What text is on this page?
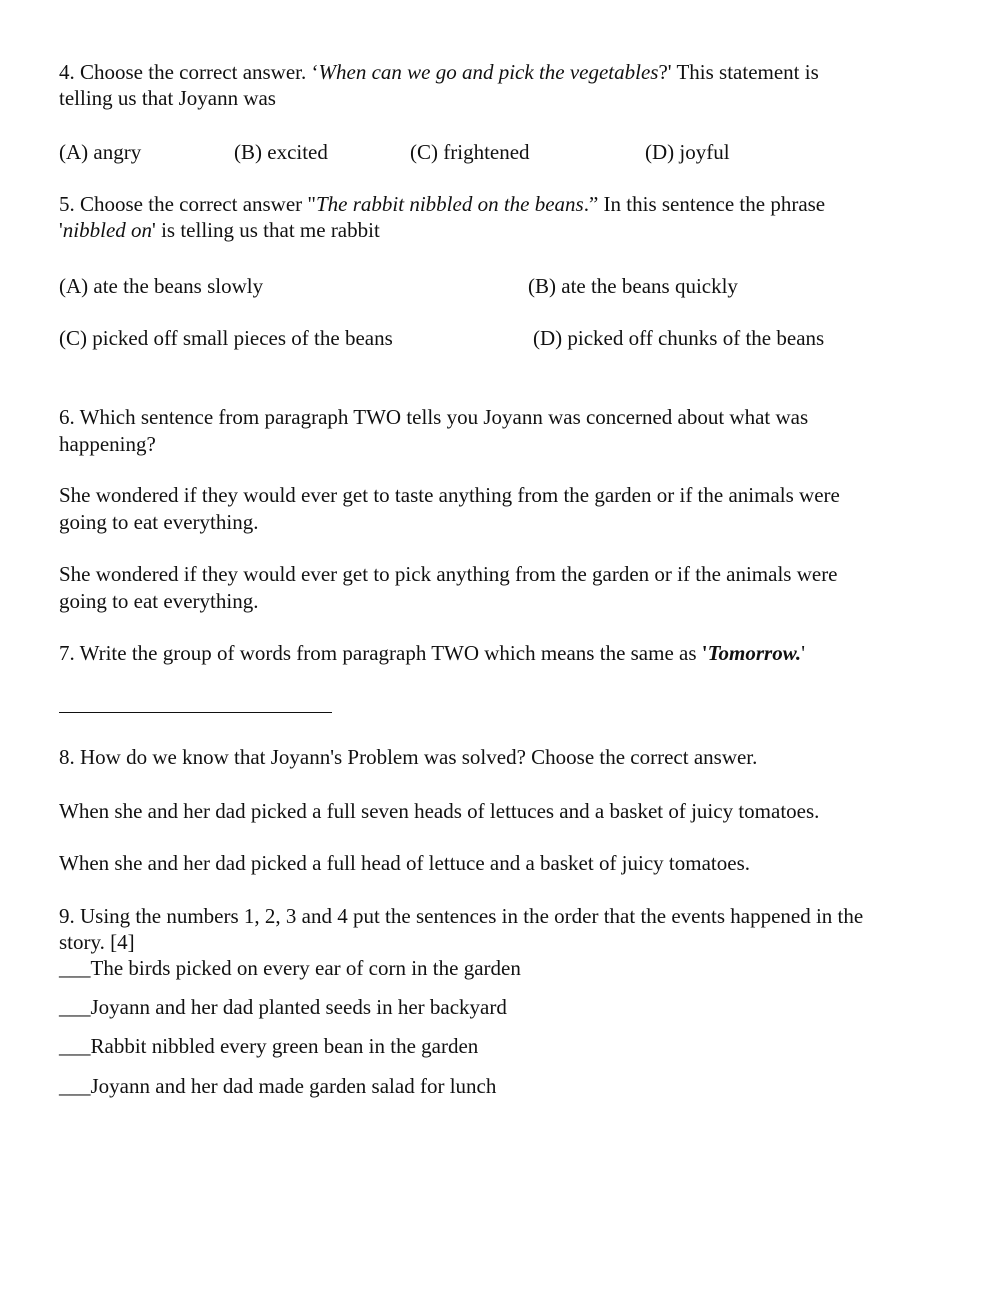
4. Choose the correct answer. ‘When can we go and pick the vegetables?' This statement is
telling us that Joyann was
(A) angry	(B) excited	(C) frightened	(D) joyful
5. Choose the correct answer "The rabbit nibbled on the beans.” In this sentence the phrase
'nibbled on' is telling us that me rabbit
(A) ate the beans slowly	(B) ate the beans quickly
(C) picked off small pieces of the beans	(D) picked off chunks of the beans
6. Which sentence from paragraph TWO tells you Joyann was concerned about what was
happening?
She wondered if they would ever get to taste anything from the garden or if the animals were
going to eat everything.
She wondered if they would ever get to pick anything from the garden or if the animals were
going to eat everything.
7. Write the group of words from paragraph TWO which means the same as 'Tomorrow.'
8. How do we know that Joyann's Problem was solved? Choose the correct answer.
When she and her dad picked a full seven heads of lettuces and a basket of juicy tomatoes.
When she and her dad picked a full head of lettuce and a basket of juicy tomatoes.
9. Using the numbers 1, 2, 3 and 4 put the sentences in the order that the events happened in the
story. [4]
___The birds picked on every ear of corn in the garden
___Joyann and her dad planted seeds in her backyard
___Rabbit nibbled every green bean in the garden
___Joyann and her dad made garden salad for lunch
